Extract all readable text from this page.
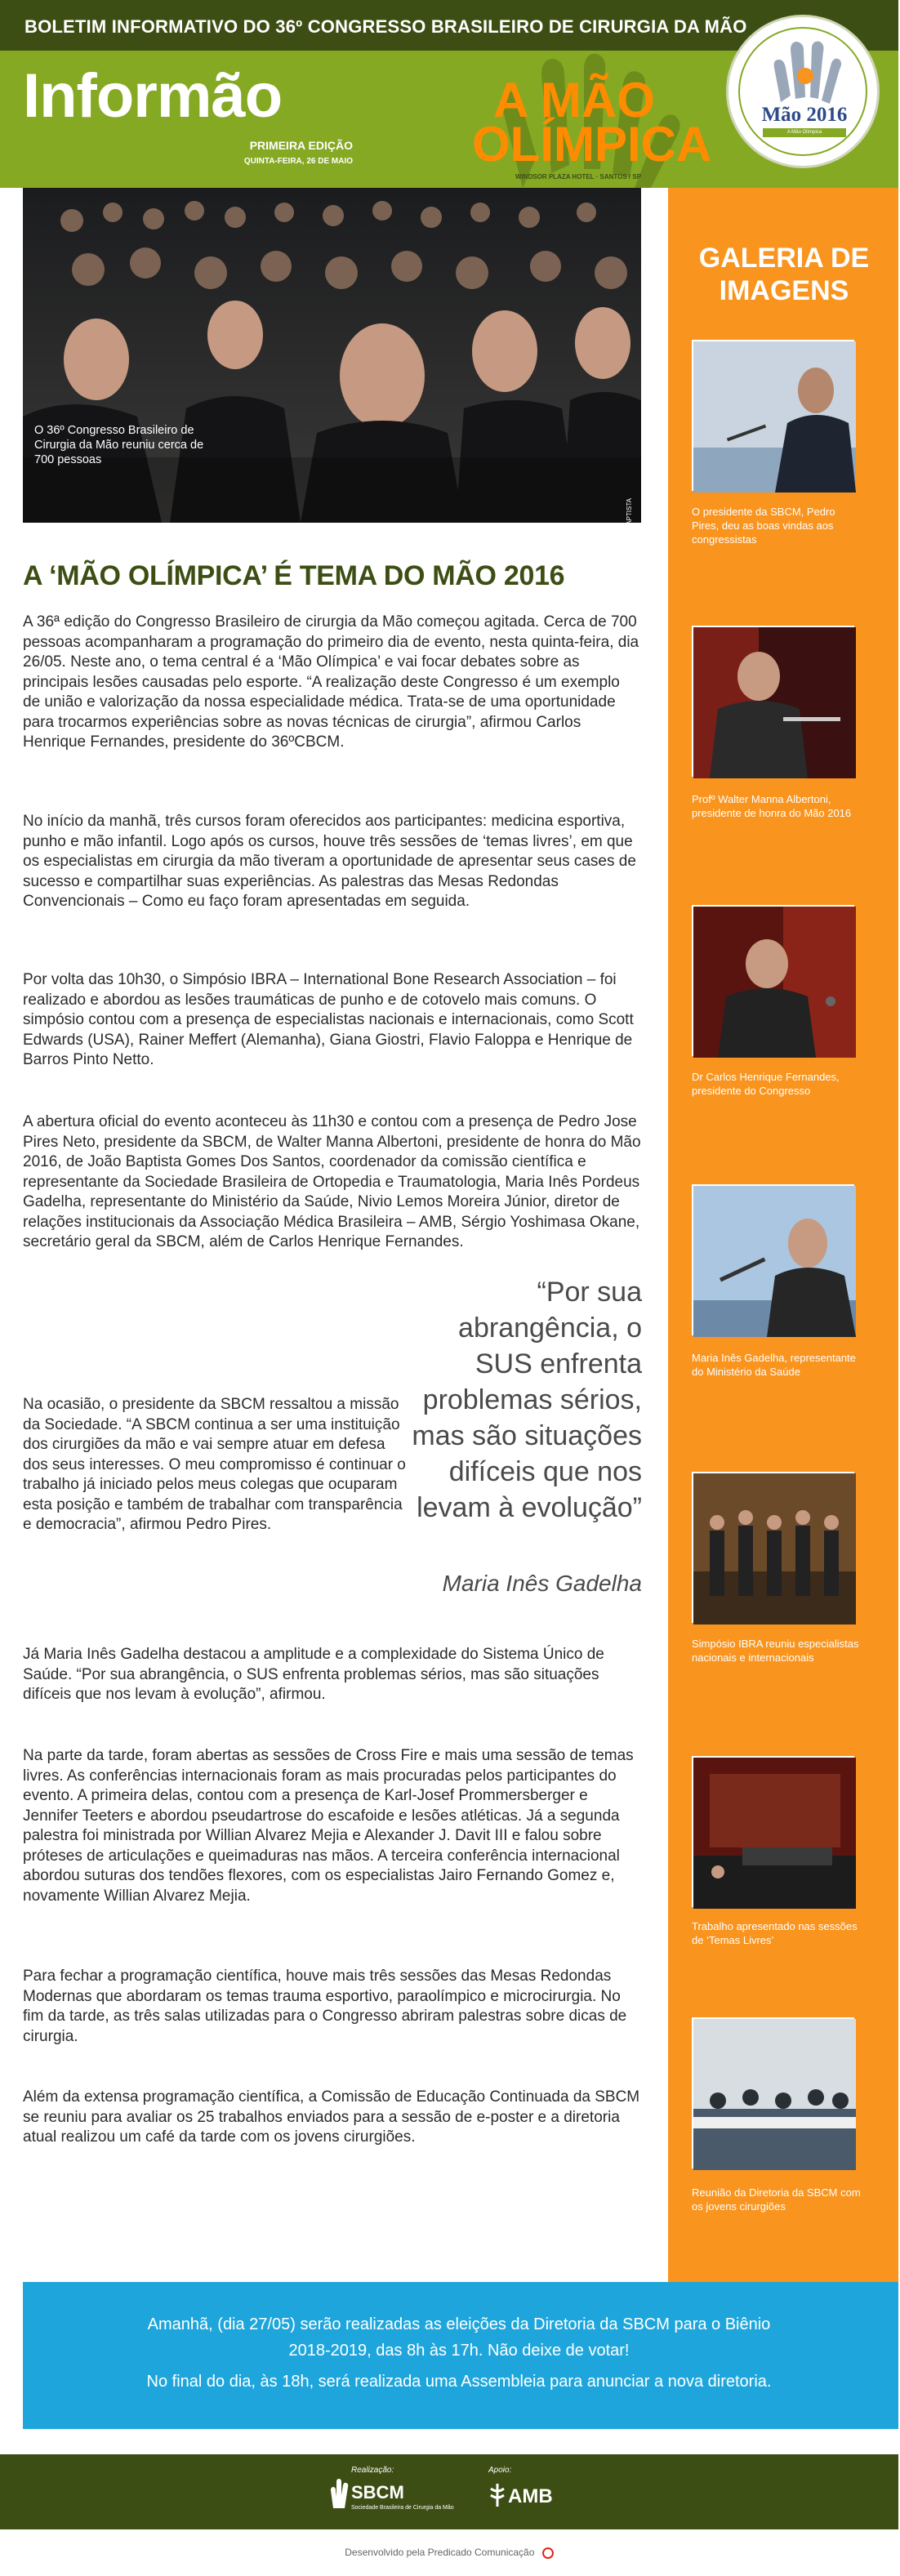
BOLETIM INFORMATIVO DO 36º CONGRESSO BRASILEIRO DE CIRURGIA DA MÃO
Informão
PRIMEIRA EDIÇÃO
QUINTA-FEIRA, 26 DE MAIO
A MÃO
OLÍMPICA
WINDSOR PLAZA HOTEL · SANTOS / SP
Mão 2016
A Mão Olímpica
O 36º Congresso Brasileiro de Cirurgia da Mão reuniu cerca de 700 pessoas
FOTOS: DANIELA BAPTISTA
A ‘MÃO OLÍMPICA’ É TEMA DO MÃO 2016

A 36ª edição do Congresso Brasileiro de cirurgia da Mão começou agitada. Cerca de 700 pessoas acompanharam a programação do primeiro dia de evento, nesta quinta-feira, dia 26/05. Neste ano, o tema central é a ‘Mão Olímpica’ e vai focar debates sobre as principais lesões causadas pelo esporte. “A realização deste Congresso é um exemplo de união e valorização da nossa especialidade médica. Trata-se de uma oportunidade para trocarmos experiências sobre as novas técnicas de cirurgia”, afirmou Carlos Henrique Fernandes, presidente do 36ºCBCM.

No início da manhã, três cursos foram oferecidos aos participantes: medicina esportiva, punho e mão infantil. Logo após os cursos, houve três sessões de ‘temas livres’, em que os especialistas em cirurgia da mão tiveram a oportunidade de apresentar seus cases de sucesso e compartilhar suas experiências. As palestras das Mesas Redondas Convencionais – Como eu faço foram apresentadas em seguida.

Por volta das 10h30, o Simpósio IBRA – International Bone Research Association – foi realizado e abordou as lesões traumáticas de punho e de cotovelo mais comuns. O simpósio contou com a presença de especialistas nacionais e internacionais, como Scott Edwards (USA), Rainer Meffert (Alemanha), Giana Giostri, Flavio Faloppa e Henrique de Barros Pinto Netto.

A abertura oficial do evento aconteceu às 11h30 e contou com a presença de Pedro Jose Pires Neto, presidente da SBCM, de Walter Manna Albertoni, presidente de honra do Mão 2016, de João Baptista Gomes Dos Santos, coordenador da comissão científica e representante da Sociedade Brasileira de Ortopedia e Traumatologia, Maria Inês Pordeus Gadelha, representante do Ministério da Saúde, Nivio Lemos Moreira Júnior, diretor de relações institucionais da Associação Médica Brasileira – AMB, Sérgio Yoshimasa Okane, secretário geral da SBCM, além de Carlos Henrique Fernandes.

Na ocasião, o presidente da SBCM ressaltou a missão da Sociedade. “A SBCM continua a ser uma instituição dos cirurgiões da mão e vai sempre atuar em defesa dos seus interesses. O meu compromisso é continuar o trabalho já iniciado pelos meus colegas que ocuparam esta posição e também de trabalhar com transparência e democracia”, afirmou Pedro Pires.

Já Maria Inês Gadelha destacou a amplitude e a complexidade do Sistema Único de Saúde. “Por sua abrangência, o SUS enfrenta problemas sérios, mas são situações difíceis que nos levam à evolução”, afirmou.

Na parte da tarde, foram abertas as sessões de Cross Fire e mais uma sessão de temas livres. As conferências internacionais foram as mais procuradas pelos participantes do evento. A primeira delas, contou com a presença de Karl-Josef Prommersberger e Jennifer Teeters e abordou pseudartrose do escafoide e lesões atléticas. Já a segunda palestra foi ministrada por Willian Alvarez Mejia e Alexander J. Davit III e falou sobre próteses de articulações e queimaduras nas mãos. A terceira conferência internacional abordou suturas dos tendões flexores, com os especialistas Jairo Fernando Gomez e, novamente Willian Alvarez Mejia.

Para fechar a programação científica, houve mais três sessões das Mesas Redondas Modernas que abordaram os temas trauma esportivo, paraolímpico e microcirurgia. No fim da tarde, as três salas utilizadas para o Congresso abriram palestras sobre dicas de cirurgia.

Além da extensa programação científica, a Comissão de Educação Continuada da SBCM se reuniu para avaliar os 25 trabalhos enviados para a sessão de e-poster e a diretoria atual realizou um café da tarde com os jovens cirurgiões.

“Por sua abrangência, o SUS enfrenta problemas sérios, mas são situações difíceis que nos levam à evolução”
Maria Inês Gadelha
GALERIA DE
IMAGENS
O presidente da SBCM, Pedro Pires, deu as boas vindas aos congressistas
Profº Walter Manna Albertoni, presidente de honra do Mão 2016
Dr Carlos Henrique Fernandes, presidente do Congresso
Maria Inês Gadelha, representante do Ministério da Saúde
Simpósio IBRA reuniu especialistas nacionais e internacionais
Trabalho apresentado nas sessões de ‘Temas Livres’
Reunião da Diretoria da SBCM com os jovens cirurgiões

Amanhã, (dia 27/05) serão realizadas as eleições da Diretoria da SBCM para o Biênio

2018-2019, das 8h às 17h. Não deixe de votar!

No final do dia, às 18h, será realizada uma Assembleia para anunciar a nova diretoria.

Realização:
SBCM
Sociedade Brasileira de Cirurgia da Mão
Apoio:
AMB
Desenvolvido pela Predicado Comunicação
